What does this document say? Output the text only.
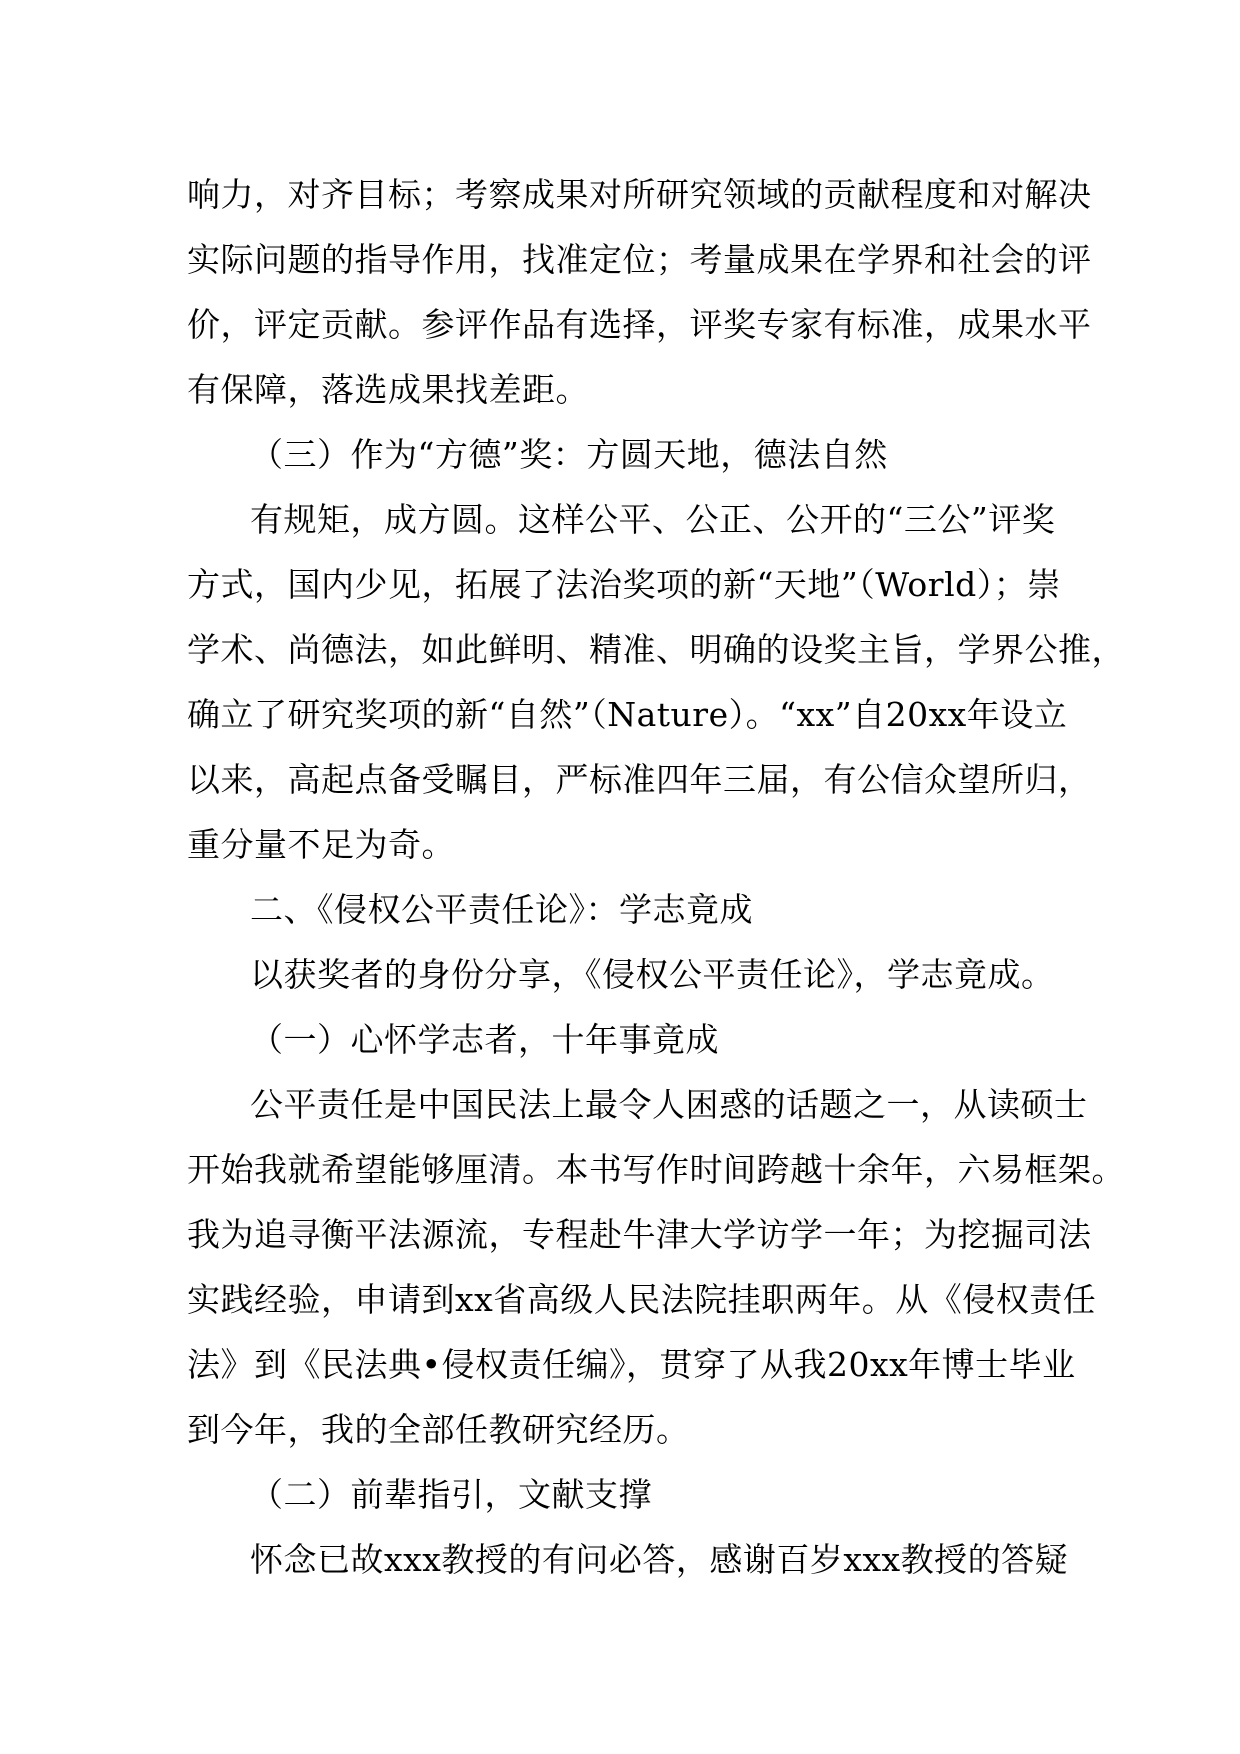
响力，对齐目标；考察成果对所研究领域的贡献程度和对解决

实际问题的指导作用，找准定位；考量成果在学界和社会的评

价，评定贡献。参评作品有选择，评奖专家有标准，成果水平

有保障，落选成果找差距。

（三）作为“方德”奖：方圆天地，德法自然

有规矩，成方圆。这样公平、公正、公开的“三公”评奖

方式，国内少见，拓展了法治奖项的新“天地”（World）；崇

学术、尚德法，如此鲜明、精准、明确的设奖主旨，学界公推，

确立了研究奖项的新“自然”（Nature）。“xx”自20xx年设立

以来，高起点备受瞩目，严标准四年三届，有公信众望所归，

重分量不足为奇。

二、《侵权公平责任论》：学志竟成

以获奖者的身份分享，《侵权公平责任论》，学志竟成。

（一）心怀学志者，十年事竟成

公平责任是中国民法上最令人困惑的话题之一，从读硕士

开始我就希望能够厘清。本书写作时间跨越十余年，六易框架。

我为追寻衡平法源流，专程赴牛津大学访学一年；为挖掘司法

实践经验，申请到xx省高级人民法院挂职两年。从《侵权责任

法》到《民法典•侵权责任编》，贯穿了从我20xx年博士毕业

到今年，我的全部任教研究经历。

（二）前辈指引，文献支撑

怀念已故xxx教授的有问必答，感谢百岁xxx教授的答疑
